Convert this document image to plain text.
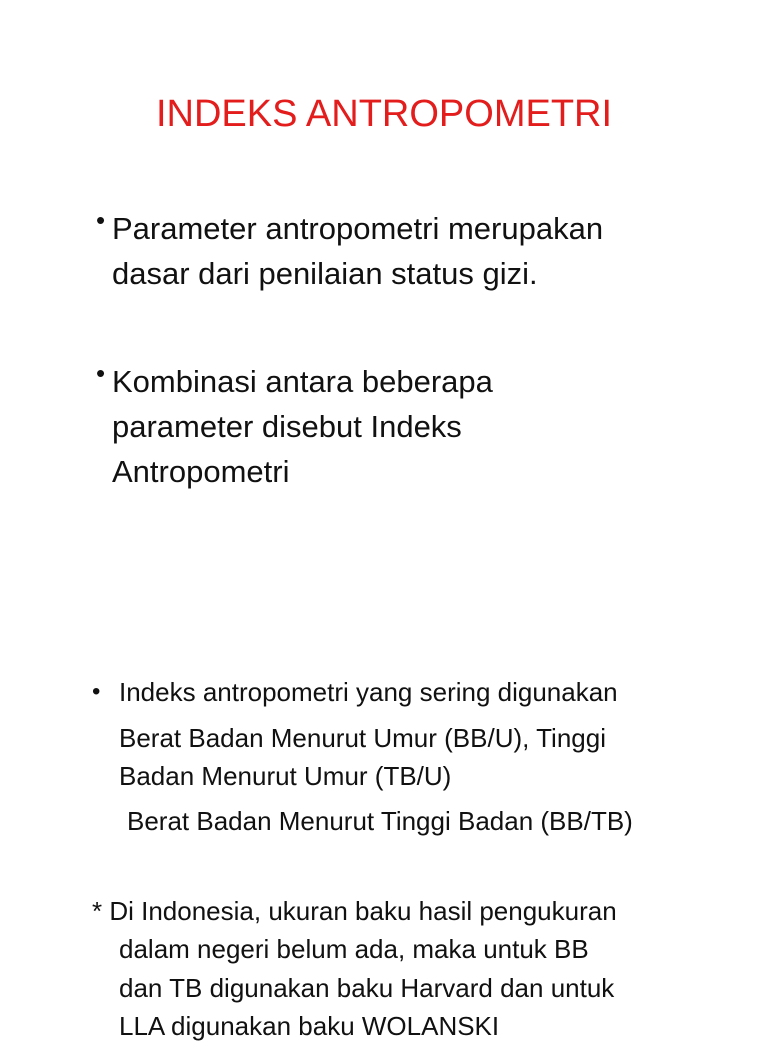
INDEKS ANTROPOMETRI
• Parameter antropometri merupakan
dasar dari penilaian status gizi.
• Kombinasi antara beberapa
parameter disebut Indeks
Antropometri
• Indeks antropometri yang sering digunakan
Berat Badan Menurut Umur (BB/U), Tinggi
Badan Menurut Umur (TB/U)
Berat Badan Menurut Tinggi Badan (BB/TB)
* Di Indonesia, ukuran baku hasil pengukuran
dalam negeri belum ada, maka untuk BB
dan TB digunakan baku Harvard dan untuk
LLA digunakan baku WOLANSKI
